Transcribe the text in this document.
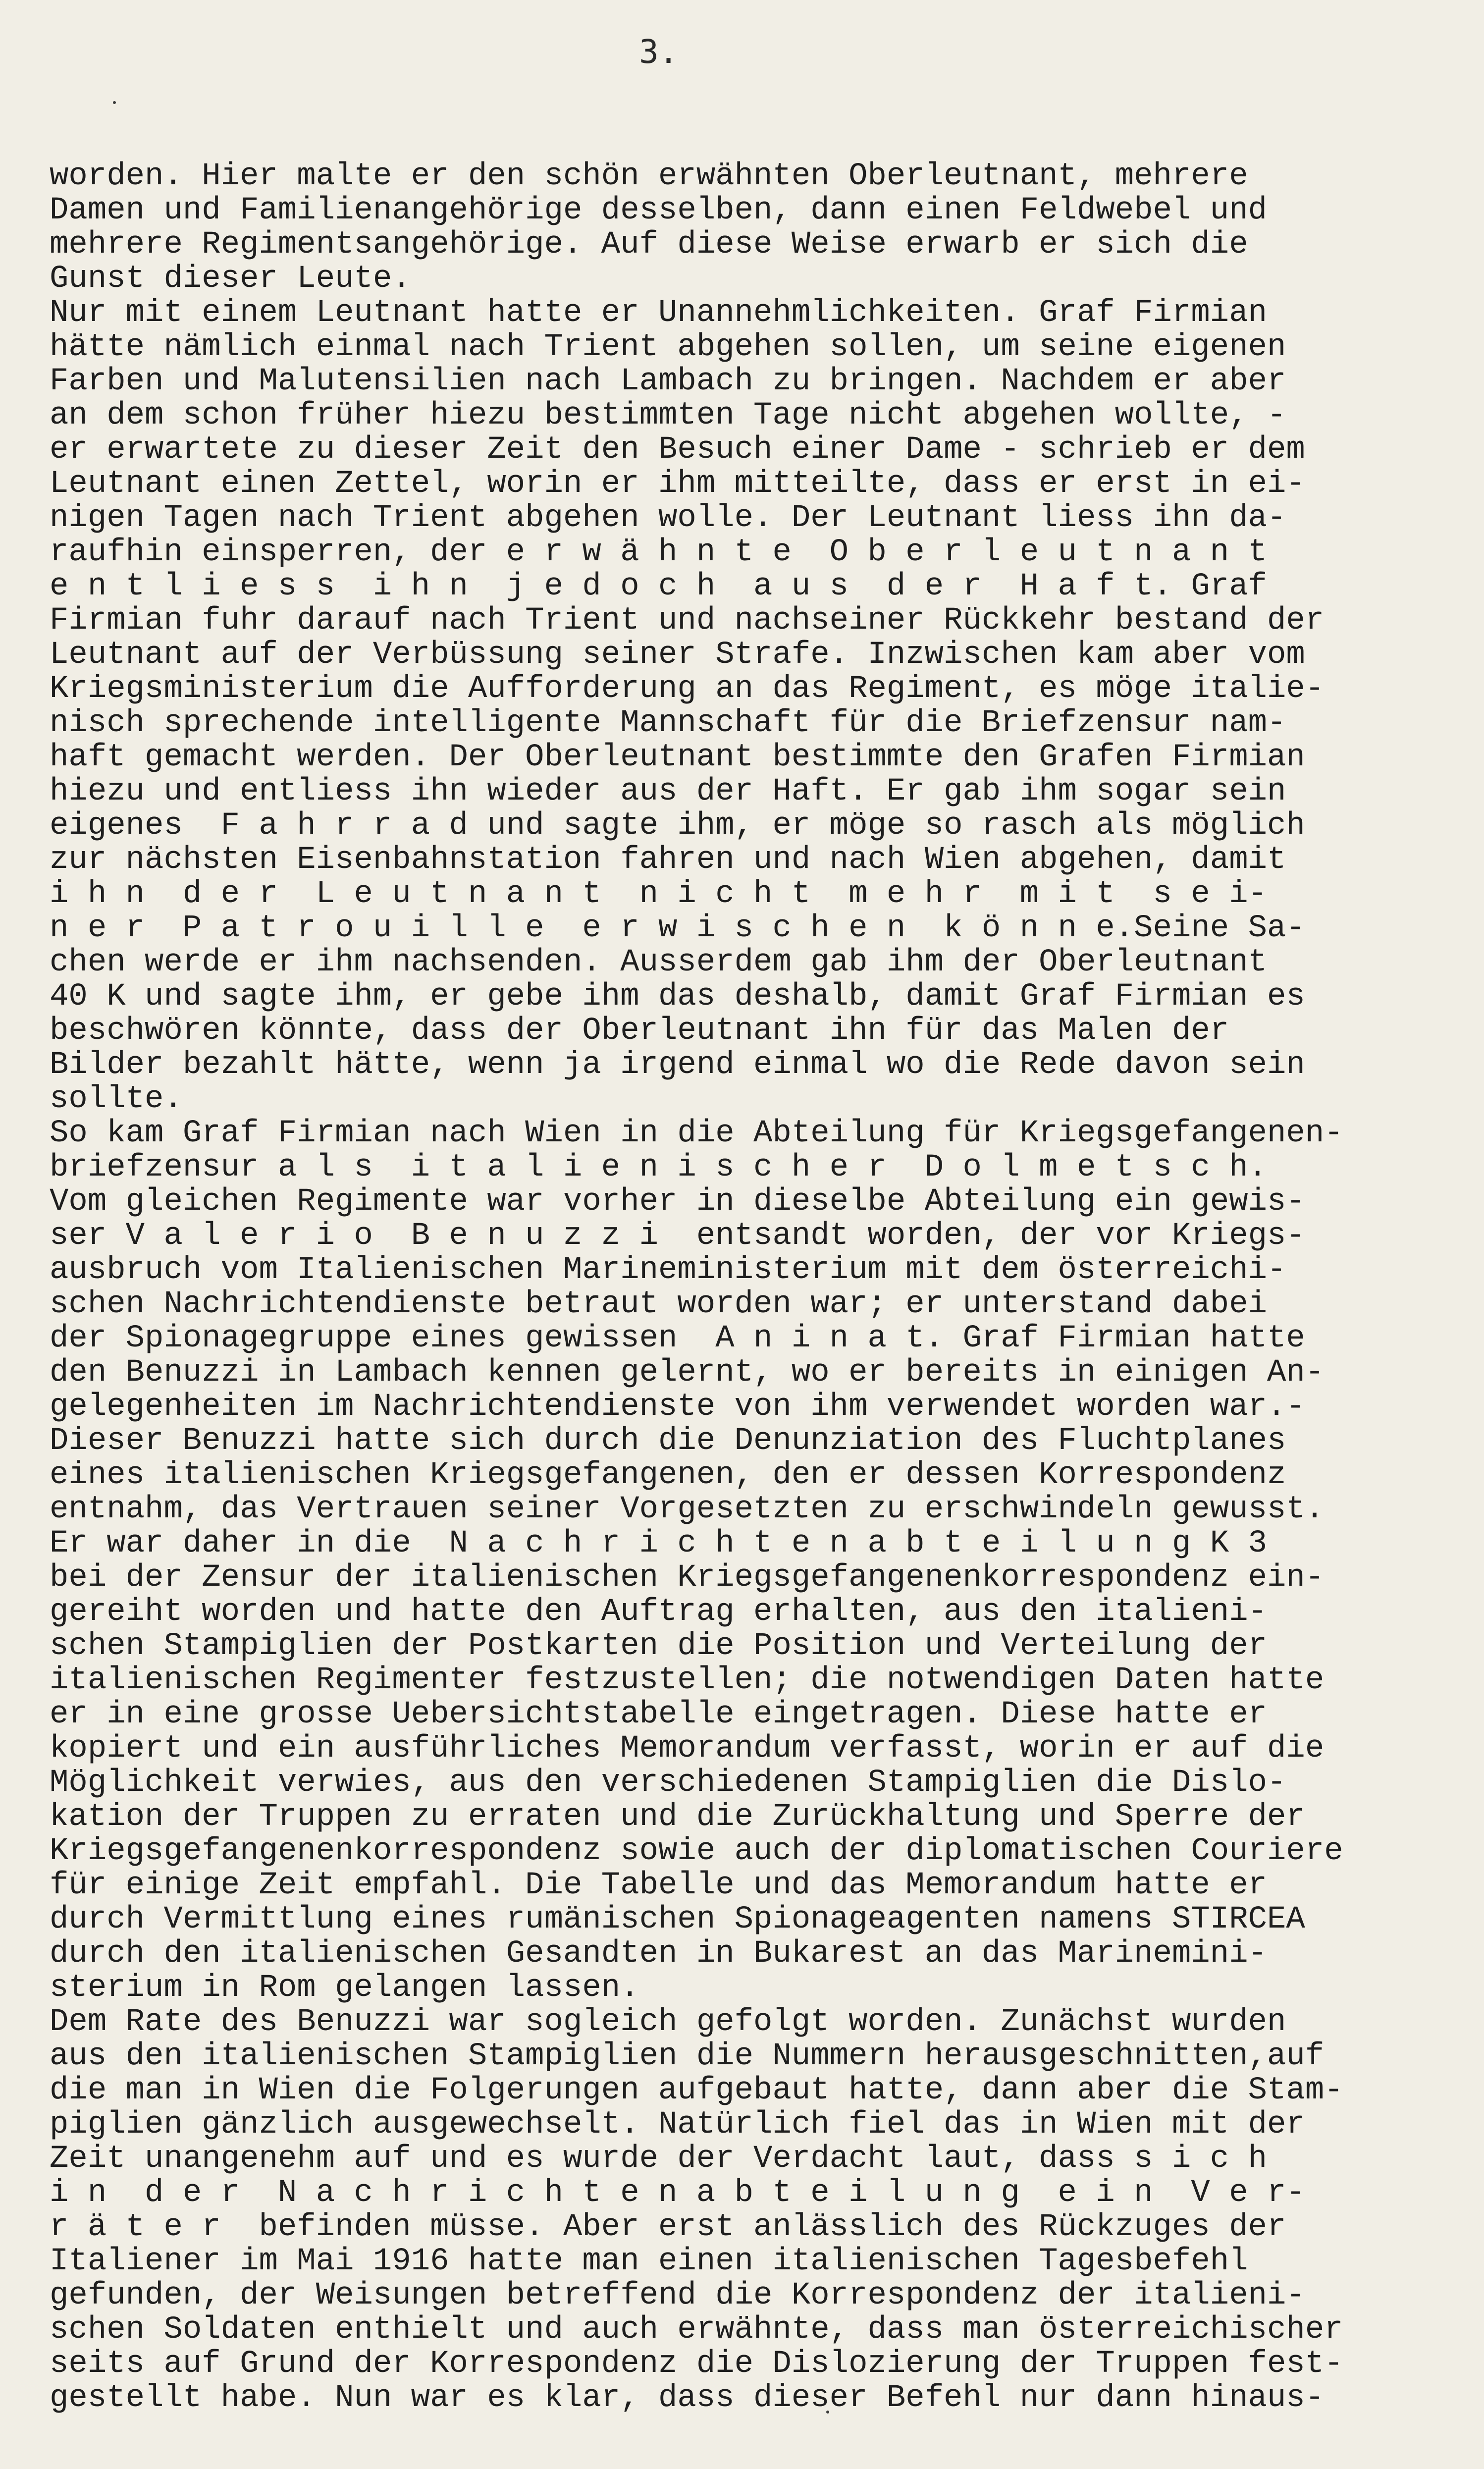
3.
worden. Hier malte er den schön erwähnten Oberleutnant, mehrere
Damen und Familienangehörige desselben, dann einen Feldwebel und
mehrere Regimentsangehörige. Auf diese Weise erwarb er sich die
Gunst dieser Leute.
Nur mit einem Leutnant hatte er Unannehmlichkeiten. Graf Firmian
hätte nämlich einmal nach Trient abgehen sollen, um seine eigenen
Farben und Malutensilien nach Lambach zu bringen. Nachdem er aber
an dem schon früher hiezu bestimmten Tage nicht abgehen wollte, -
er erwartete zu dieser Zeit den Besuch einer Dame - schrieb er dem
Leutnant einen Zettel, worin er ihm mitteilte, dass er erst in ei-
nigen Tagen nach Trient abgehen wolle. Der Leutnant liess ihn da-
raufhin einsperren, der e r w ä h n t e  O b e r l e u t n a n t
e n t l i e s s  i h n  j e d o c h  a u s  d e r  H a f t. Graf
Firmian fuhr darauf nach Trient und nachseiner Rückkehr bestand der
Leutnant auf der Verbüssung seiner Strafe. Inzwischen kam aber vom
Kriegsministerium die Aufforderung an das Regiment, es möge italie-
nisch sprechende intelligente Mannschaft für die Briefzensur nam-
haft gemacht werden. Der Oberleutnant bestimmte den Grafen Firmian
hiezu und entliess ihn wieder aus der Haft. Er gab ihm sogar sein
eigenes  F a h r r a d und sagte ihm, er möge so rasch als möglich
zur nächsten Eisenbahnstation fahren und nach Wien abgehen, damit
i h n  d e r  L e u t n a n t  n i c h t  m e h r  m i t  s e i-
n e r  P a t r o u i l l e  e r w i s c h e n  k ö n n e.Seine Sa-
chen werde er ihm nachsenden. Ausserdem gab ihm der Oberleutnant
40 K und sagte ihm, er gebe ihm das deshalb, damit Graf Firmian es
beschwören könnte, dass der Oberleutnant ihn für das Malen der
Bilder bezahlt hätte, wenn ja irgend einmal wo die Rede davon sein
sollte.
So kam Graf Firmian nach Wien in die Abteilung für Kriegsgefangenen-
briefzensur a l s  i t a l i e n i s c h e r  D o l m e t s c h.
Vom gleichen Regimente war vorher in dieselbe Abteilung ein gewis-
ser V a l e r i o  B e n u z z i  entsandt worden, der vor Kriegs-
ausbruch vom Italienischen Marineministerium mit dem österreichi-
schen Nachrichtendienste betraut worden war; er unterstand dabei
der Spionagegruppe eines gewissen  A n i n a t. Graf Firmian hatte
den Benuzzi in Lambach kennen gelernt, wo er bereits in einigen An-
gelegenheiten im Nachrichtendienste von ihm verwendet worden war.-
Dieser Benuzzi hatte sich durch die Denunziation des Fluchtplanes
eines italienischen Kriegsgefangenen, den er dessen Korrespondenz
entnahm, das Vertrauen seiner Vorgesetzten zu erschwindeln gewusst.
Er war daher in die  N a c h r i c h t e n a b t e i l u n g K 3
bei der Zensur der italienischen Kriegsgefangenenkorrespondenz ein-
gereiht worden und hatte den Auftrag erhalten, aus den italieni-
schen Stampiglien der Postkarten die Position und Verteilung der
italienischen Regimenter festzustellen; die notwendigen Daten hatte
er in eine grosse Uebersichtstabelle eingetragen. Diese hatte er
kopiert und ein ausführliches Memorandum verfasst, worin er auf die
Möglichkeit verwies, aus den verschiedenen Stampiglien die Dislo-
kation der Truppen zu erraten und die Zurückhaltung und Sperre der
Kriegsgefangenenkorrespondenz sowie auch der diplomatischen Couriere
für einige Zeit empfahl. Die Tabelle und das Memorandum hatte er
durch Vermittlung eines rumänischen Spionageagenten namens STIRCEA
durch den italienischen Gesandten in Bukarest an das Marinemini-
sterium in Rom gelangen lassen.
Dem Rate des Benuzzi war sogleich gefolgt worden. Zunächst wurden
aus den italienischen Stampiglien die Nummern herausgeschnitten,auf
die man in Wien die Folgerungen aufgebaut hatte, dann aber die Stam-
piglien gänzlich ausgewechselt. Natürlich fiel das in Wien mit der
Zeit unangenehm auf und es wurde der Verdacht laut, dass s i c h
i n  d e r  N a c h r i c h t e n a b t e i l u n g  e i n  V e r-
r ä t e r  befinden müsse. Aber erst anlässlich des Rückzuges der
Italiener im Mai 1916 hatte man einen italienischen Tagesbefehl
gefunden, der Weisungen betreffend die Korrespondenz der italieni-
schen Soldaten enthielt und auch erwähnte, dass man österreichischer
seits auf Grund der Korrespondenz die Dislozierung der Truppen fest-
gestellt habe. Nun war es klar, dass dieser Befehl nur dann hinaus-
